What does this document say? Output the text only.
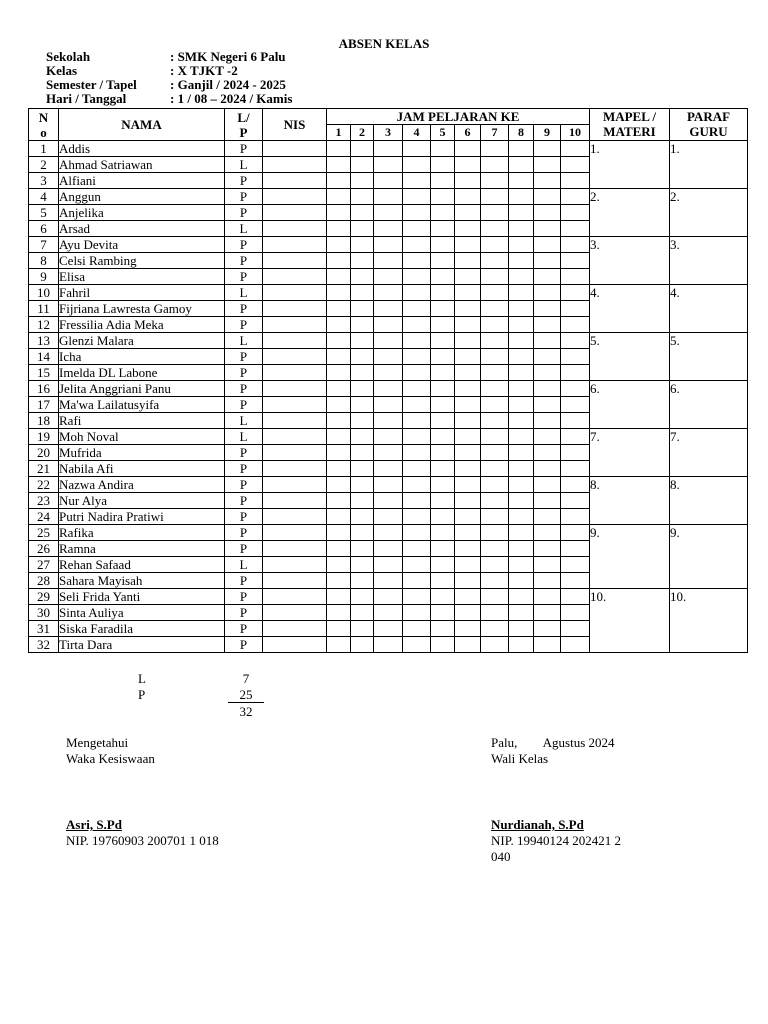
ABSEN KELAS
Sekolah	: SMK Negeri 6 Palu
Kelas	: X TJKT -2
Semester / Tapel	: Ganjil / 2024 - 2025
Hari / Tanggal	: 1 / 08 – 2024 / Kamis
N
o	NAMA	L/
P	NIS	JAM PELJARAN KE										MAPEL /
MATERI	PARAF
GURU
				1	2	3	4	5	6	7	8	9	10		
1	Addis	P												1.	1.
2	Ahmad Satriawan	L													
3	Alfiani	P													
4	Anggun	P												2.	2.
5	Anjelika	P													
6	Arsad	L													
7	Ayu Devita	P												3.	3.
8	Celsi Rambing	P													
9	Elisa	P													
10	Fahril	L												4.	4.
11	Fijriana Lawresta Gamoy	P													
12	Fressilia Adia Meka	P													
13	Glenzi Malara	L												5.	5.
14	Icha	P													
15	Imelda DL Labone	P													
16	Jelita Anggriani Panu	P												6.	6.
17	Ma'wa Lailatusyifa	P													
18	Rafi	L													
19	Moh Noval	L												7.	7.
20	Mufrida	P													
21	Nabila Afi	P													
22	Nazwa Andira	P												8.	8.
23	Nur Alya	P													
24	Putri Nadira Pratiwi	P													
25	Rafika	P												9.	9.
26	Ramna	P													
27	Rehan Safaad	L													
28	Sahara Mayisah	P													
29	Seli Frida Yanti	P												10.	10.
30	Sinta Auliya	P													
31	Siska Faradila	P													
32	Tirta Dara	P													
L	7
P	25
32
Mengetahui
Waka Kesiswaan
Asri, S.Pd
NIP. 19760903 200701 1 018
Palu,        Agustus 2024
Wali Kelas
Nurdianah, S.Pd
NIP. 19940124 202421 2
040
